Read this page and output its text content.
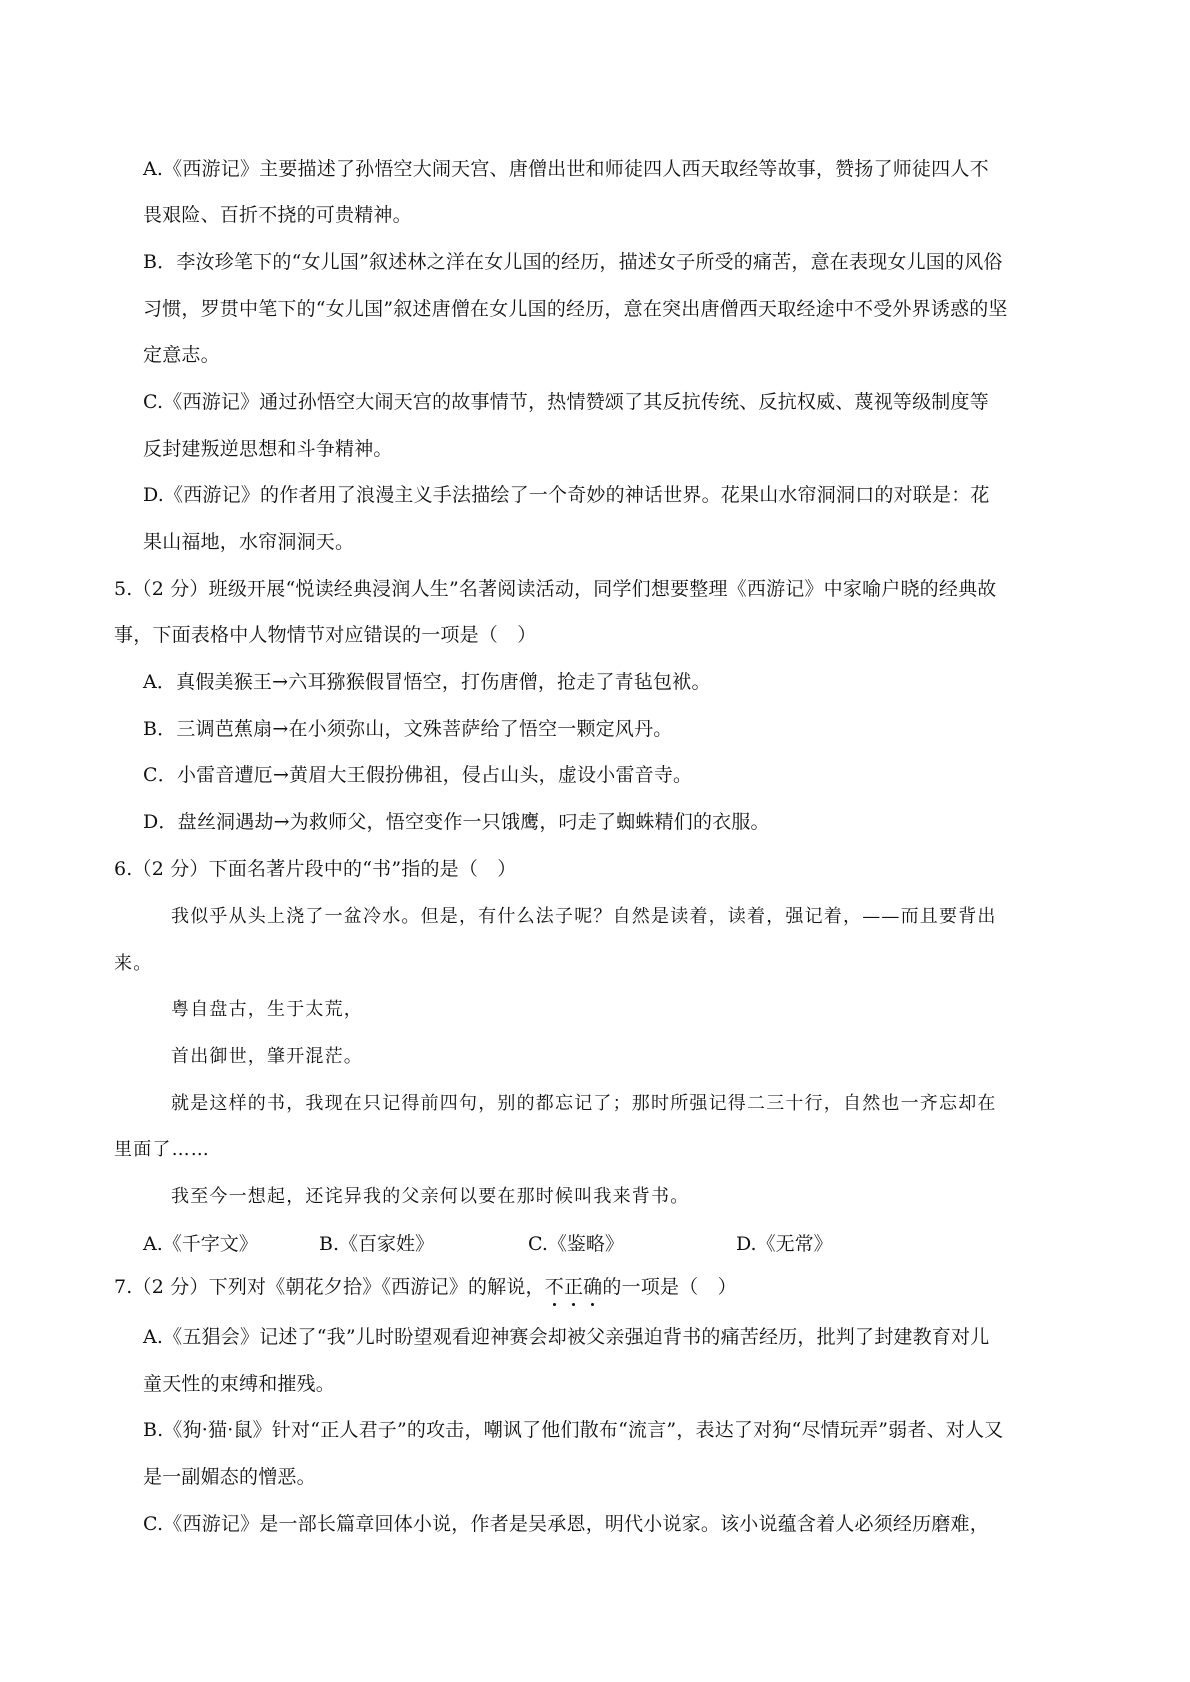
A.《西游记》主要描述了孙悟空大闹天宫、唐僧出世和师徒四人西天取经等故事，赞扬了师徒四人不
畏艰险、百折不挠的可贵精神。
B．李汝珍笔下的“女儿国”叙述林之洋在女儿国的经历，描述女子所受的痛苦，意在表现女儿国的风俗
习惯，罗贯中笔下的“女儿国”叙述唐僧在女儿国的经历，意在突出唐僧西天取经途中不受外界诱惑的坚
定意志。
C.《西游记》通过孙悟空大闹天宫的故事情节，热情赞颂了其反抗传统、反抗权威、蔑视等级制度等
反封建叛逆思想和斗争精神。
D.《西游记》的作者用了浪漫主义手法描绘了一个奇妙的神话世界。花果山水帘洞洞口的对联是：花
果山福地，水帘洞洞天。
5.（2 分）班级开展“悦读经典浸润人生”名著阅读活动，同学们想要整理《西游记》中家喻户晓的经典故
事，下面表格中人物情节对应错误的一项是（　）
A．真假美猴王→六耳猕猴假冒悟空，打伤唐僧，抢走了青毡包袱。
B．三调芭蕉扇→在小须弥山，文殊菩萨给了悟空一颗定风丹。
C．小雷音遭厄→黄眉大王假扮佛祖，侵占山头，虚设小雷音寺。
D．盘丝洞遇劫→为救师父，悟空变作一只饿鹰，叼走了蜘蛛精们的衣服。
6.（2 分）下面名著片段中的“书”指的是（　）
我似乎从头上浇了一盆冷水。但是，有什么法子呢？自然是读着，读着，强记着，——而且要背出
来。
粤自盘古，生于太荒，
首出御世，肇开混茫。
就是这样的书，我现在只记得前四句，别的都忘记了；那时所强记得二三十行，自然也一齐忘却在
里面了……
我至今一想起，还诧异我的父亲何以要在那时候叫我来背书。
A.《千字文》	B.《百家姓》	C.《鉴略》	D.《无常》
7.（2 分）下列对《朝花夕拾》《西游记》的解说，不正确的一项是（　）
A.《五猖会》记述了“我”儿时盼望观看迎神赛会却被父亲强迫背书的痛苦经历，批判了封建教育对儿
童天性的束缚和摧残。
B.《狗·猫·鼠》针对“正人君子”的攻击，嘲讽了他们散布“流言”，表达了对狗“尽情玩弄”弱者、对人又
是一副媚态的憎恶。
C.《西游记》是一部长篇章回体小说，作者是吴承恩，明代小说家。该小说蕴含着人必须经历磨难，
